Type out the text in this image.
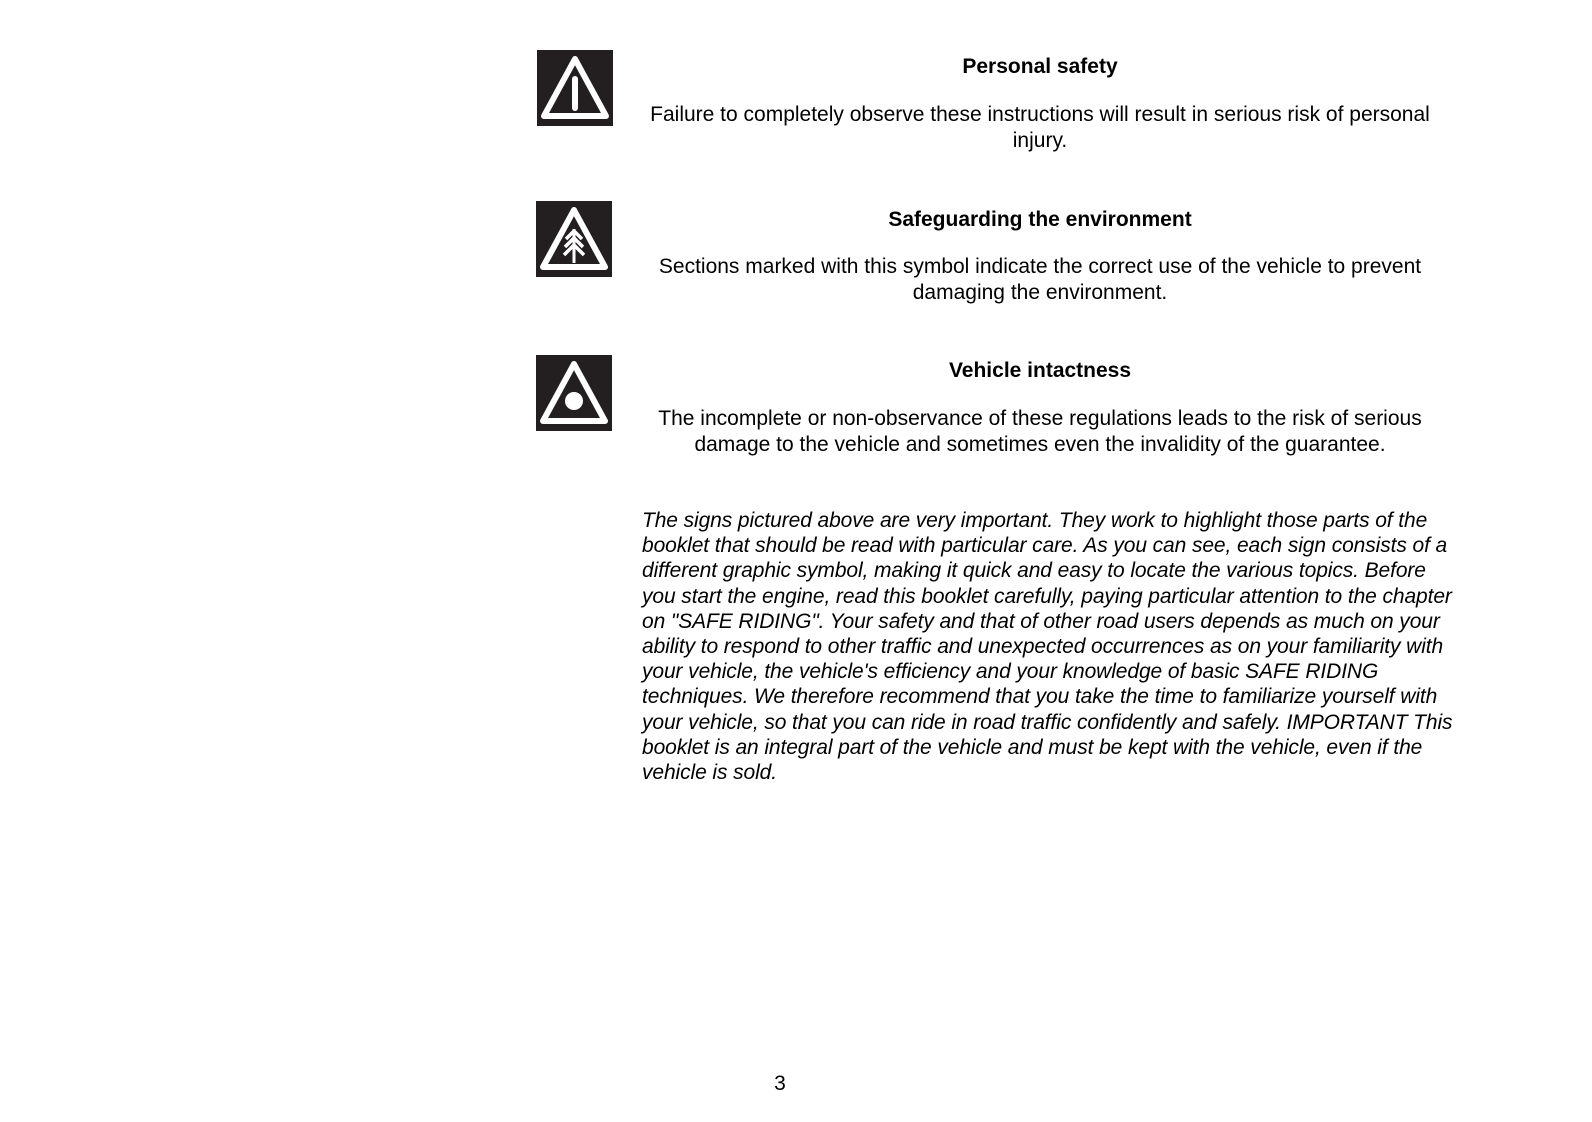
Personal safety

Failure to completely observe these instructions will result in serious risk of personal injury.

Safeguarding the environment

Sections marked with this symbol indicate the correct use of the vehicle to prevent damaging the environment.

Vehicle intactness

The incomplete or non-observance of these regulations leads to the risk of serious damage to the vehicle and sometimes even the invalidity of the guarantee.

The signs pictured above are very important. They work to highlight those parts of the booklet that should be read with particular care. As you can see, each sign consists of a different graphic symbol, making it quick and easy to locate the various topics. Before you start the engine, read this booklet carefully, paying particular attention to the chapter on "SAFE RIDING". Your safety and that of other road users depends as much on your ability to respond to other traffic and unexpected occurrences as on your familiarity with your vehicle, the vehicle's efficiency and your knowledge of basic SAFE RIDING techniques. We therefore recommend that you take the time to familiarize yourself with your vehicle, so that you can ride in road traffic confidently and safely. IMPORTANT This booklet is an integral part of the vehicle and must be kept with the vehicle, even if the vehicle is sold.

3
